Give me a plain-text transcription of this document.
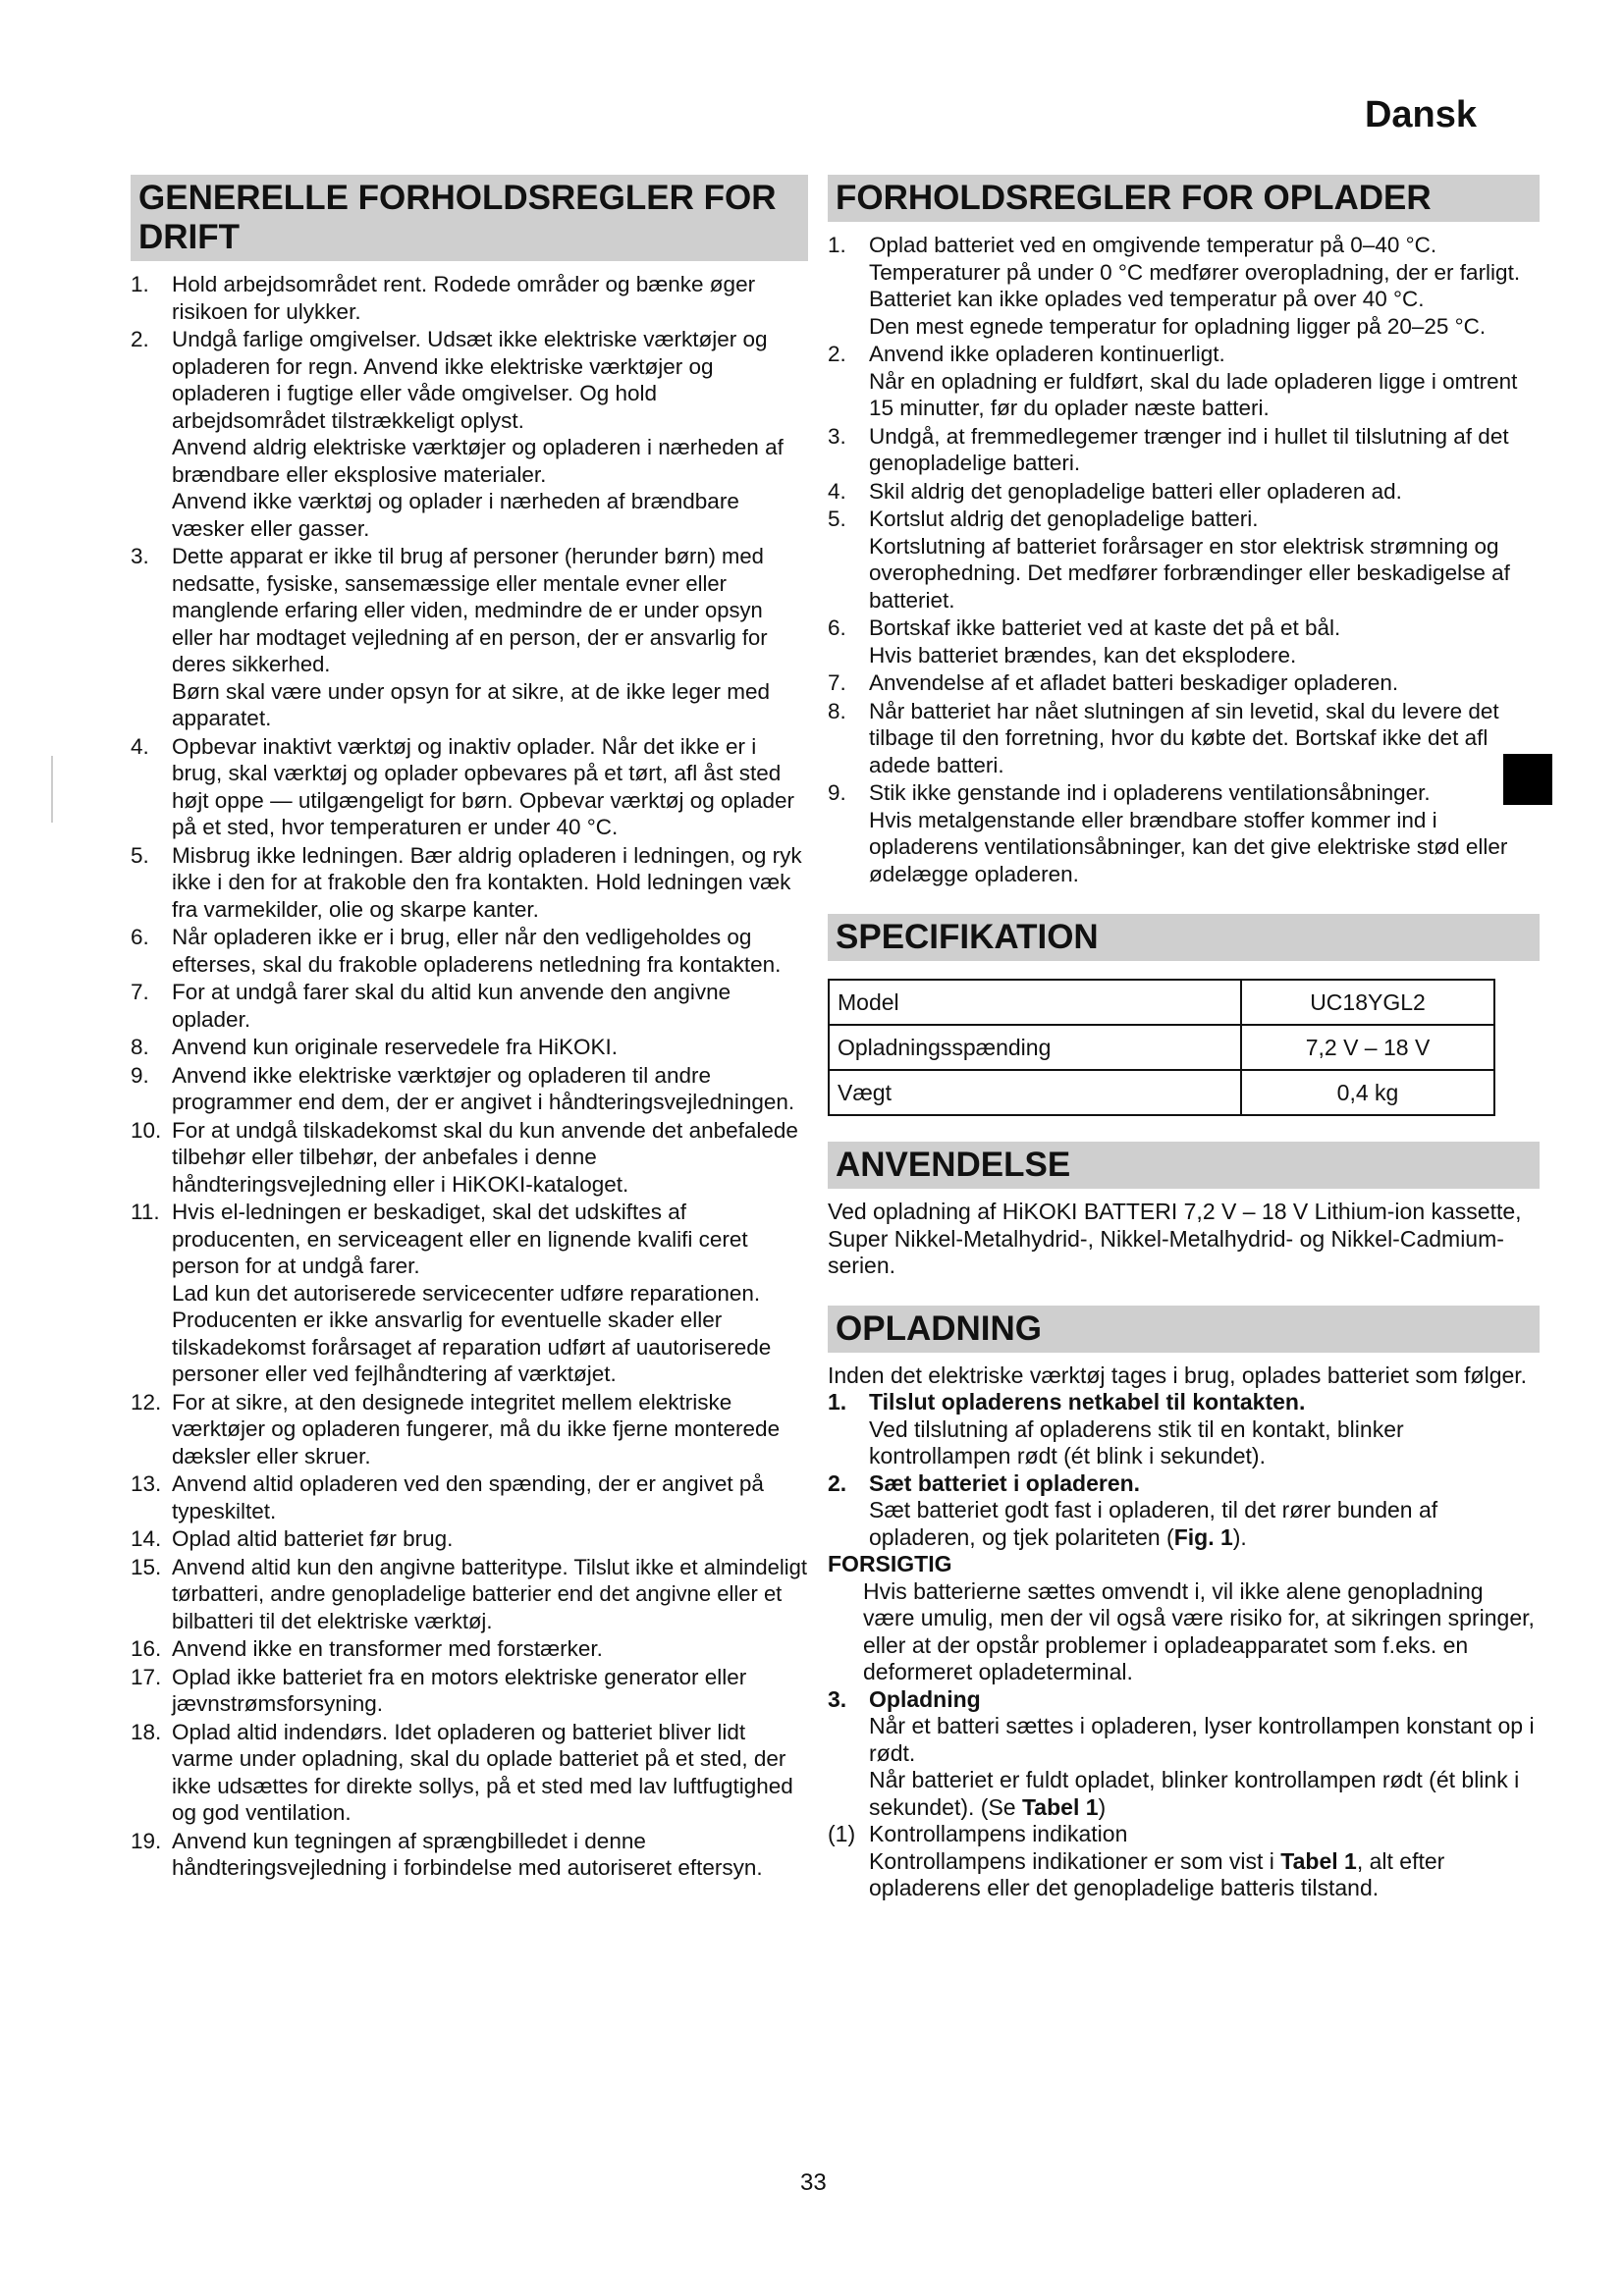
Dansk
GENERELLE FORHOLDSREGLER FOR DRIFT
1. Hold arbejdsområdet rent. Rodede områder og bænke øger risikoen for ulykker.
2. Undgå farlige omgivelser. Udsæt ikke elektriske værktøjer og opladeren for regn. Anvend ikke elektriske værktøjer og opladeren i fugtige eller våde omgivelser. Og hold arbejdsområdet tilstrækkeligt oplyst.
Anvend aldrig elektriske værktøjer og opladeren i nærheden af brændbare eller eksplosive materialer.
Anvend ikke værktøj og oplader i nærheden af brændbare væsker eller gasser.
3. Dette apparat er ikke til brug af personer (herunder børn) med nedsatte, fysiske, sansemæssige eller mentale evner eller manglende erfaring eller viden, medmindre de er under opsyn eller har modtaget vejledning af en person, der er ansvarlig for deres sikkerhed.
Børn skal være under opsyn for at sikre, at de ikke leger med apparatet.
4. Opbevar inaktivt værktøj og inaktiv oplader. Når det ikke er i brug, skal værktøj og oplader opbevares på et tørt, afl åst sted højt oppe — utilgængeligt for børn. Opbevar værktøj og oplader på et sted, hvor temperaturen er under 40 °C.
5. Misbrug ikke ledningen. Bær aldrig opladeren i ledningen, og ryk ikke i den for at frakoble den fra kontakten. Hold ledningen væk fra varmekilder, olie og skarpe kanter.
6. Når opladeren ikke er i brug, eller når den vedligeholdes og efterses, skal du frakoble opladerens netledning fra kontakten.
7. For at undgå farer skal du altid kun anvende den angivne oplader.
8. Anvend kun originale reservedele fra HiKOKI.
9. Anvend ikke elektriske værktøjer og opladeren til andre programmer end dem, der er angivet i håndteringsvejledningen.
10. For at undgå tilskadekomst skal du kun anvende det anbefalede tilbehør eller tilbehør, der anbefales i denne håndteringsvejledning eller i HiKOKI-kataloget.
11. Hvis el-ledningen er beskadiget, skal det udskiftes af producenten, en serviceagent eller en lignende kvalifi ceret person for at undgå farer.
Lad kun det autoriserede servicecenter udføre reparationen. Producenten er ikke ansvarlig for eventuelle skader eller tilskadekomst forårsaget af reparation udført af uautoriserede personer eller ved fejlhåndtering af værktøjet.
12. For at sikre, at den designede integritet mellem elektriske værktøjer og opladeren fungerer, må du ikke fjerne monterede dæksler eller skruer.
13. Anvend altid opladeren ved den spænding, der er angivet på typeskiltet.
14. Oplad altid batteriet før brug.
15. Anvend altid kun den angivne batteritype. Tilslut ikke et almindeligt tørbatteri, andre genopladelige batterier end det angivne eller et bilbatteri til det elektriske værktøj.
16. Anvend ikke en transformer med forstærker.
17. Oplad ikke batteriet fra en motors elektriske generator eller jævnstrømsforsyning.
18. Oplad altid indendørs. Idet opladeren og batteriet bliver lidt varme under opladning, skal du oplade batteriet på et sted, der ikke udsættes for direkte sollys, på et sted med lav luftfugtighed og god ventilation.
19. Anvend kun tegningen af sprængbilledet i denne håndteringsvejledning i forbindelse med autoriseret eftersyn.
FORHOLDSREGLER FOR OPLADER
1. Oplad batteriet ved en omgivende temperatur på 0–40 °C. Temperaturer på under 0 °C medfører overopladning, der er farligt. Batteriet kan ikke oplades ved temperatur på over 40 °C.
Den mest egnede temperatur for opladning ligger på 20–25 °C.
2. Anvend ikke opladeren kontinuerligt.
Når en opladning er fuldført, skal du lade opladeren ligge i omtrent 15 minutter, før du oplader næste batteri.
3. Undgå, at fremmedlegemer trænger ind i hullet til tilslutning af det genopladelige batteri.
4. Skil aldrig det genopladelige batteri eller opladeren ad.
5. Kortslut aldrig det genopladelige batteri.
Kortslutning af batteriet forårsager en stor elektrisk strømning og overophedning. Det medfører forbrændinger eller beskadigelse af batteriet.
6. Bortskaf ikke batteriet ved at kaste det på et bål.
Hvis batteriet brændes, kan det eksplodere.
7. Anvendelse af et afladet batteri beskadiger opladeren.
8. Når batteriet har nået slutningen af sin levetid, skal du levere det tilbage til den forretning, hvor du købte det. Bortskaf ikke det afl adede batteri.
9. Stik ikke genstande ind i opladerens ventilationsåbninger.
Hvis metalgenstande eller brændbare stoffer kommer ind i opladerens ventilationsåbninger, kan det give elektriske stød eller ødelægge opladeren.
SPECIFIKATION
Model	UC18YGL2
Opladningsspænding	7,2 V – 18 V
Vægt	0,4 kg
ANVENDELSE

Ved opladning af HiKOKI BATTERI 7,2 V – 18 V Lithium-ion kassette, Super Nikkel-Metalhydrid-, Nikkel-Metalhydrid- og Nikkel-Cadmium-serien.

OPLADNING

Inden det elektriske værktøj tages i brug, oplades batteriet som følger.

1. Tilslut opladerens netkabel til kontakten.
Ved tilslutning af opladerens stik til en kontakt, blinker kontrollampen rødt (ét blink i sekundet).
2. Sæt batteriet i opladeren.
Sæt batteriet godt fast i opladeren, til det rører bunden af opladeren, og tjek polariteten (Fig. 1).
FORSIGTIG

Hvis batterierne sættes omvendt i, vil ikke alene genopladning være umulig, men der vil også være risiko for, at sikringen springer, eller at der opstår problemer i opladeapparatet som f.eks. en deformeret opladeterminal.

3. Opladning
Når et batteri sættes i opladeren, lyser kontrollampen konstant op i rødt.
Når batteriet er fuldt opladet, blinker kontrollampen rødt (ét blink i sekundet). (Se Tabel 1)
(1) Kontrollampens indikation
Kontrollampens indikationer er som vist i Tabel 1, alt efter opladerens eller det genopladelige batteris tilstand.
33
